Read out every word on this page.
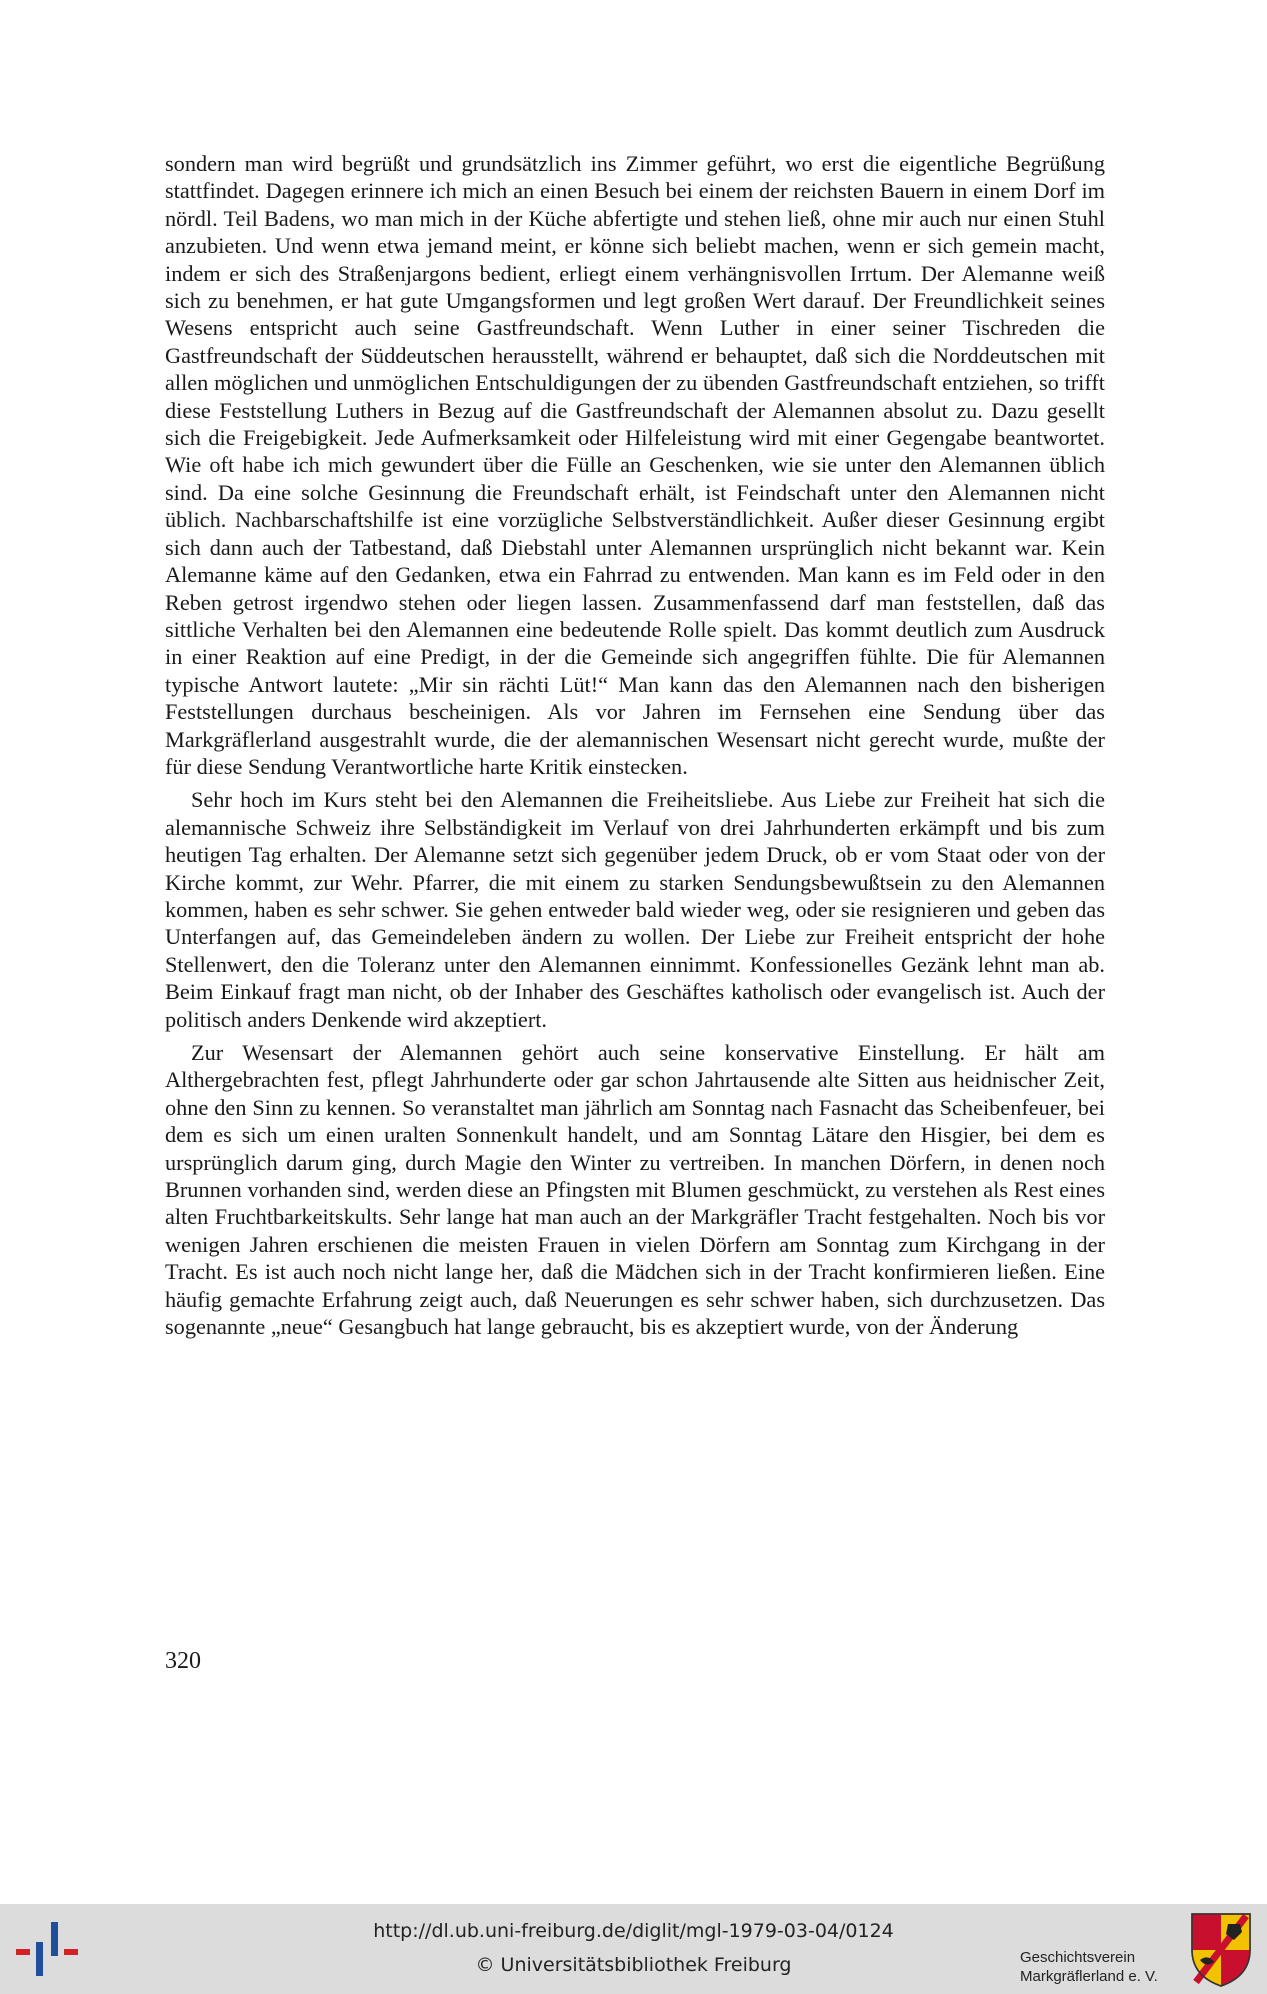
sondern man wird begrüßt und grundsätzlich ins Zimmer geführt, wo erst die eigentliche Begrüßung stattfindet. Dagegen erinnere ich mich an einen Besuch bei einem der reichsten Bauern in einem Dorf im nördl. Teil Badens, wo man mich in der Küche abfertigte und stehen ließ, ohne mir auch nur einen Stuhl anzubieten. Und wenn etwa jemand meint, er könne sich beliebt machen, wenn er sich gemein macht, indem er sich des Straßenjargons bedient, erliegt einem verhängnisvollen Irrtum. Der Alemanne weiß sich zu benehmen, er hat gute Umgangsformen und legt großen Wert darauf. Der Freundlichkeit seines Wesens entspricht auch seine Gastfreundschaft. Wenn Luther in einer seiner Tischreden die Gastfreundschaft der Süddeutschen herausstellt, während er behauptet, daß sich die Norddeutschen mit allen möglichen und unmöglichen Entschuldigungen der zu übenden Gastfreundschaft entziehen, so trifft diese Feststellung Luthers in Bezug auf die Gastfreundschaft der Alemannen absolut zu. Dazu gesellt sich die Freigebigkeit. Jede Aufmerksamkeit oder Hilfeleistung wird mit einer Gegengabe beantwortet. Wie oft habe ich mich gewundert über die Fülle an Geschenken, wie sie unter den Alemannen üblich sind. Da eine solche Gesinnung die Freundschaft erhält, ist Feindschaft unter den Alemannen nicht üblich. Nachbarschaftshilfe ist eine vorzügliche Selbstverständlichkeit. Außer dieser Gesinnung ergibt sich dann auch der Tatbestand, daß Diebstahl unter Alemannen ursprünglich nicht bekannt war. Kein Alemanne käme auf den Gedanken, etwa ein Fahrrad zu entwenden. Man kann es im Feld oder in den Reben getrost irgendwo stehen oder liegen lassen. Zusammenfassend darf man feststellen, daß das sittliche Verhalten bei den Alemannen eine bedeutende Rolle spielt. Das kommt deutlich zum Ausdruck in einer Reaktion auf eine Predigt, in der die Gemeinde sich angegriffen fühlte. Die für Alemannen typische Antwort lautete: „Mir sin rächti Lüt!“ Man kann das den Alemannen nach den bisherigen Feststellungen durchaus bescheinigen. Als vor Jahren im Fernsehen eine Sendung über das Markgräflerland ausgestrahlt wurde, die der alemannischen Wesensart nicht gerecht wurde, mußte der für diese Sendung Verantwortliche harte Kritik einstecken.

Sehr hoch im Kurs steht bei den Alemannen die Freiheitsliebe. Aus Liebe zur Freiheit hat sich die alemannische Schweiz ihre Selbständigkeit im Verlauf von drei Jahrhunderten erkämpft und bis zum heutigen Tag erhalten. Der Alemanne setzt sich gegenüber jedem Druck, ob er vom Staat oder von der Kirche kommt, zur Wehr. Pfarrer, die mit einem zu starken Sendungsbewußtsein zu den Alemannen kommen, haben es sehr schwer. Sie gehen entweder bald wieder weg, oder sie resignieren und geben das Unterfangen auf, das Gemeindeleben ändern zu wollen. Der Liebe zur Freiheit entspricht der hohe Stellenwert, den die Toleranz unter den Alemannen einnimmt. Konfessionelles Gezänk lehnt man ab. Beim Einkauf fragt man nicht, ob der Inhaber des Geschäftes katholisch oder evangelisch ist. Auch der politisch anders Denkende wird akzeptiert.

Zur Wesensart der Alemannen gehört auch seine konservative Einstellung. Er hält am Althergebrachten fest, pflegt Jahrhunderte oder gar schon Jahrtausende alte Sitten aus heidnischer Zeit, ohne den Sinn zu kennen. So veranstaltet man jährlich am Sonntag nach Fasnacht das Scheibenfeuer, bei dem es sich um einen uralten Sonnenkult handelt, und am Sonntag Lätare den Hisgier, bei dem es ursprünglich darum ging, durch Magie den Winter zu vertreiben. In manchen Dörfern, in denen noch Brunnen vorhanden sind, werden diese an Pfingsten mit Blumen geschmückt, zu verstehen als Rest eines alten Fruchtbarkeitskults. Sehr lange hat man auch an der Markgräfler Tracht festgehalten. Noch bis vor wenigen Jahren erschienen die meisten Frauen in vielen Dörfern am Sonntag zum Kirchgang in der Tracht. Es ist auch noch nicht lange her, daß die Mädchen sich in der Tracht konfirmieren ließen. Eine häufig gemachte Erfahrung zeigt auch, daß Neuerungen es sehr schwer haben, sich durchzusetzen. Das sogenannte „neue“ Gesangbuch hat lange gebraucht, bis es akzeptiert wurde, von der Änderung

320
http://dl.ub.uni-freiburg.de/diglit/mgl-1979-03-04/0124
© Universitätsbibliothek Freiburg	Geschichtsverein
Markgräflerland e. V.
